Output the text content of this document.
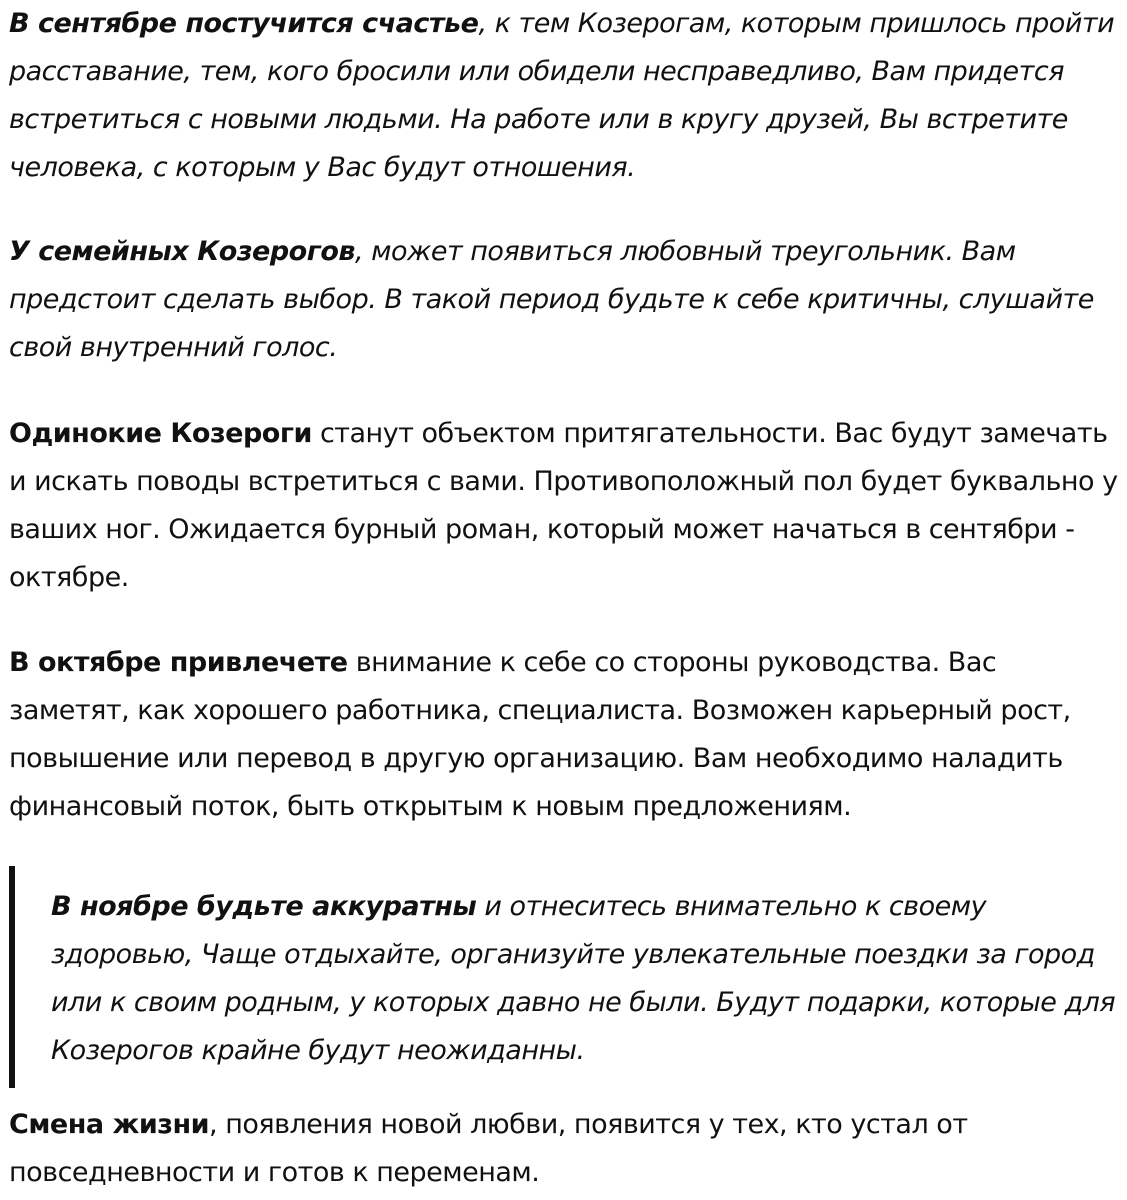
В сентябре постучится счастье, к тем Козерогам, которым пришлось пройти расставание, тем, кого бросили или обидели несправедливо, Вам придется встретиться с новыми людьми. На работе или в кругу друзей, Вы встретите человека, с которым у Вас будут отношения.

У семейных Козерогов, может появиться любовный треугольник. Вам предстоит сделать выбор. В такой период будьте к себе критичны, слушайте свой внутренний голос.

Одинокие Козероги станут объектом притягательности. Вас будут замечать и искать поводы встретиться с вами. Противоположный пол будет буквально у ваших ног. Ожидается бурный роман, который может начаться в сентябри - октябре.

В октябре привлечете внимание к себе со стороны руководства. Вас заметят, как хорошего работника, специалиста. Возможен карьерный рост, повышение или перевод в другую организацию. Вам необходимо наладить финансовый поток, быть открытым к новым предложениям.

В ноябре будьте аккуратны и отнеситесь внимательно к своему здоровью, Чаще отдыхайте, организуйте увлекательные поездки за город или к своим родным, у которых давно не были. Будут подарки, которые для Козерогов крайне будут неожиданны.

Смена жизни, появления новой любви, появится у тех, кто устал от повседневности и готов к переменам.
